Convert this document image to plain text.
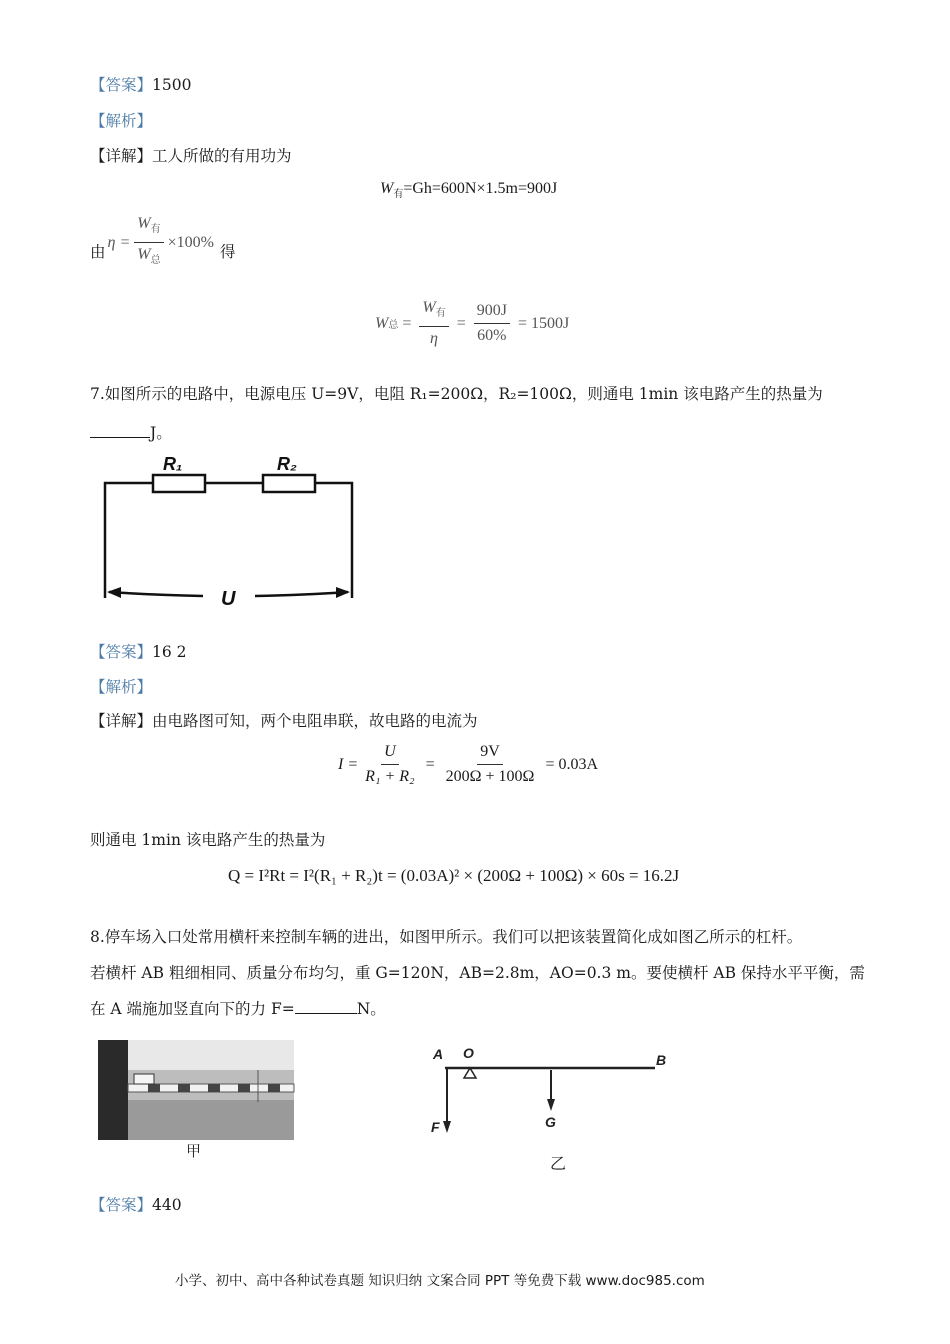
【答案】1500
【解析】
【详解】工人所做的有用功为
$W_有=Gh=600N\times 1.5m=900J$
由
$\eta = \frac{W_有}{W_总} \times 100\%$
得
W 总 = $\frac{W_有}{\eta} = \frac{900J}{60\%} = 1500J$
7.如图所示的电路中，电源电压 U=9V，电阻 R₁=200Ω，R₂=100Ω，则通电 1min 该电路产生的热量为
J。
R₁	R₂
U
【答案】16 2
【解析】
【详解】由电路图可知，两个电阻串联，故电路的电流为
$I = \frac{U}{\text{R₁ + R₂}} = \frac{9V}{200\Omega + 100\Omega} = 0.03A$
则通电 1min 该电路产生的热量为
Q = I²Rt = I²(R₁ + R₂)t = (0.03A)² × (200Ω + 100Ω) × 60s = 16.2J
8.停车场入口处常用横杆来控制车辆的进出，如图甲所示。我们可以把该装置简化成如图乙所示的杠杆。
若横杆 AB 粗细相同、质量分布均匀，重 G=120N，AB=2.8m，AO=0.3 m。要使横杆 AB 保持水平平衡，需
在 A 端施加竖直向下的力 F=	N。
甲
A O	B
F	G
乙
【答案】440
小学、初中、高中各种试卷真题 知识归纳 文案合同 PPT 等免费下载 www.doc985.com
